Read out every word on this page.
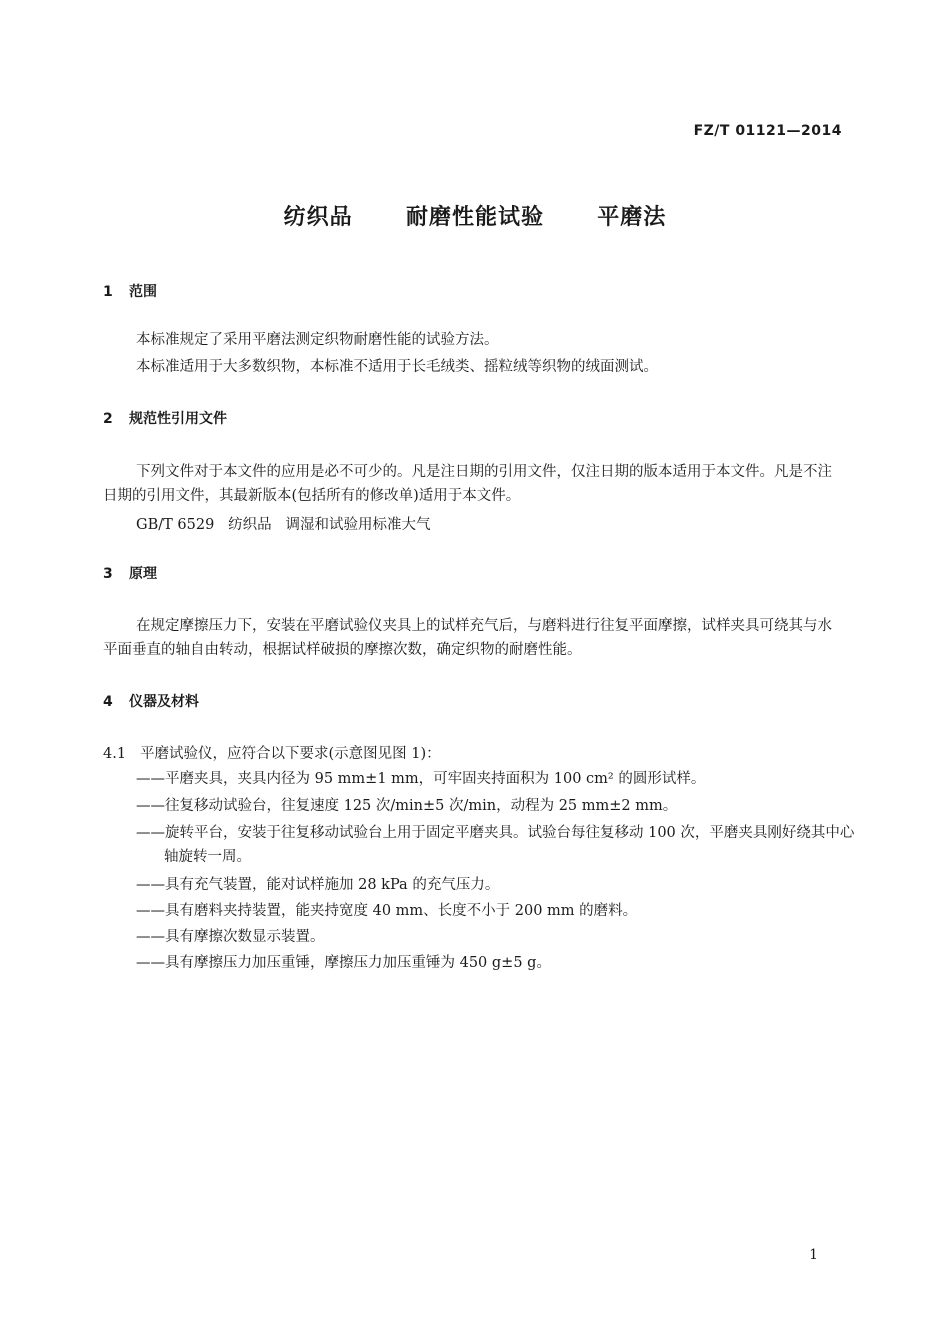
FZ/T 01121—2014
纺织品  耐磨性能试验  平磨法
1 范围
本标准规定了采用平磨法测定织物耐磨性能的试验方法。
本标准适用于大多数织物，本标准不适用于长毛绒类、摇粒绒等织物的绒面测试。
2 规范性引用文件
下列文件对于本文件的应用是必不可少的。凡是注日期的引用文件，仅注日期的版本适用于本文件。凡是不注日期的引用文件，其最新版本(包括所有的修改单)适用于本文件。
GB/T 6529   纺织品   调湿和试验用标准大气
3 原理
在规定摩擦压力下，安装在平磨试验仪夹具上的试样充气后，与磨料进行往复平面摩擦，试样夹具可绕其与水平面垂直的轴自由转动，根据试样破损的摩擦次数，确定织物的耐磨性能。
4 仪器及材料
4.1 平磨试验仪，应符合以下要求(示意图见图 1)：
——平磨夹具，夹具内径为 95 mm±1 mm，可牢固夹持面积为 100 cm² 的圆形试样。
——往复移动试验台，往复速度 125 次/min±5 次/min，动程为 25 mm±2 mm。
——旋转平台，安装于往复移动试验台上用于固定平磨夹具。试验台每往复移动 100 次，平磨夹具刚好绕其中心轴旋转一周。
——具有充气装置，能对试样施加 28 kPa 的充气压力。
——具有磨料夹持装置，能夹持宽度 40 mm、长度不小于 200 mm 的磨料。
——具有摩擦次数显示装置。
——具有摩擦压力加压重锤，摩擦压力加压重锤为 450 g±5 g。
1
